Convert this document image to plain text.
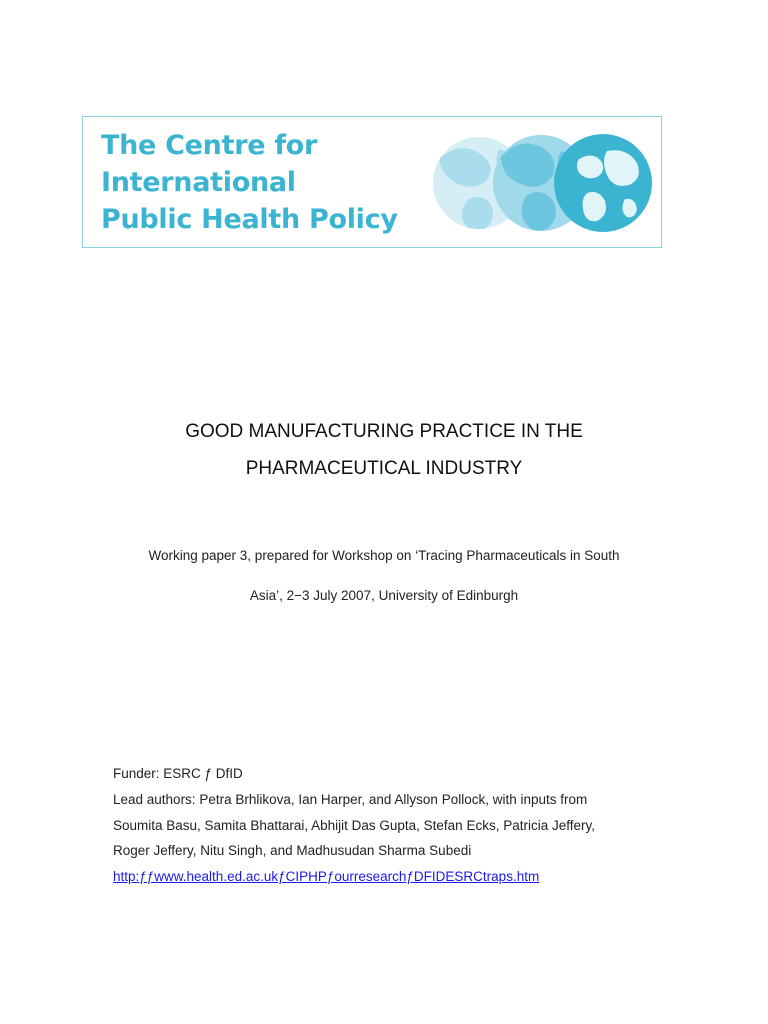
The Centre for
International
Public Health Policy
GOOD MANUFACTURING PRACTICE IN THE
PHARMACEUTICAL INDUSTRY
Working paper 3, prepared for Workshop on ‘Tracing Pharmaceuticals in South
Asia’, 2−3 July 2007, University of Edinburgh
Funder: ESRC ƒ DfID
Lead authors: Petra Brhlikova, Ian Harper, and Allyson Pollock, with inputs from
Soumita Basu, Samita Bhattarai, Abhijit Das Gupta, Stefan Ecks, Patricia Jeffery,
Roger Jeffery, Nitu Singh, and Madhusudan Sharma Subedi
http:ƒƒwww.health.ed.ac.ukƒCIPHPƒourresearchƒDFIDESRCtraps.htm
